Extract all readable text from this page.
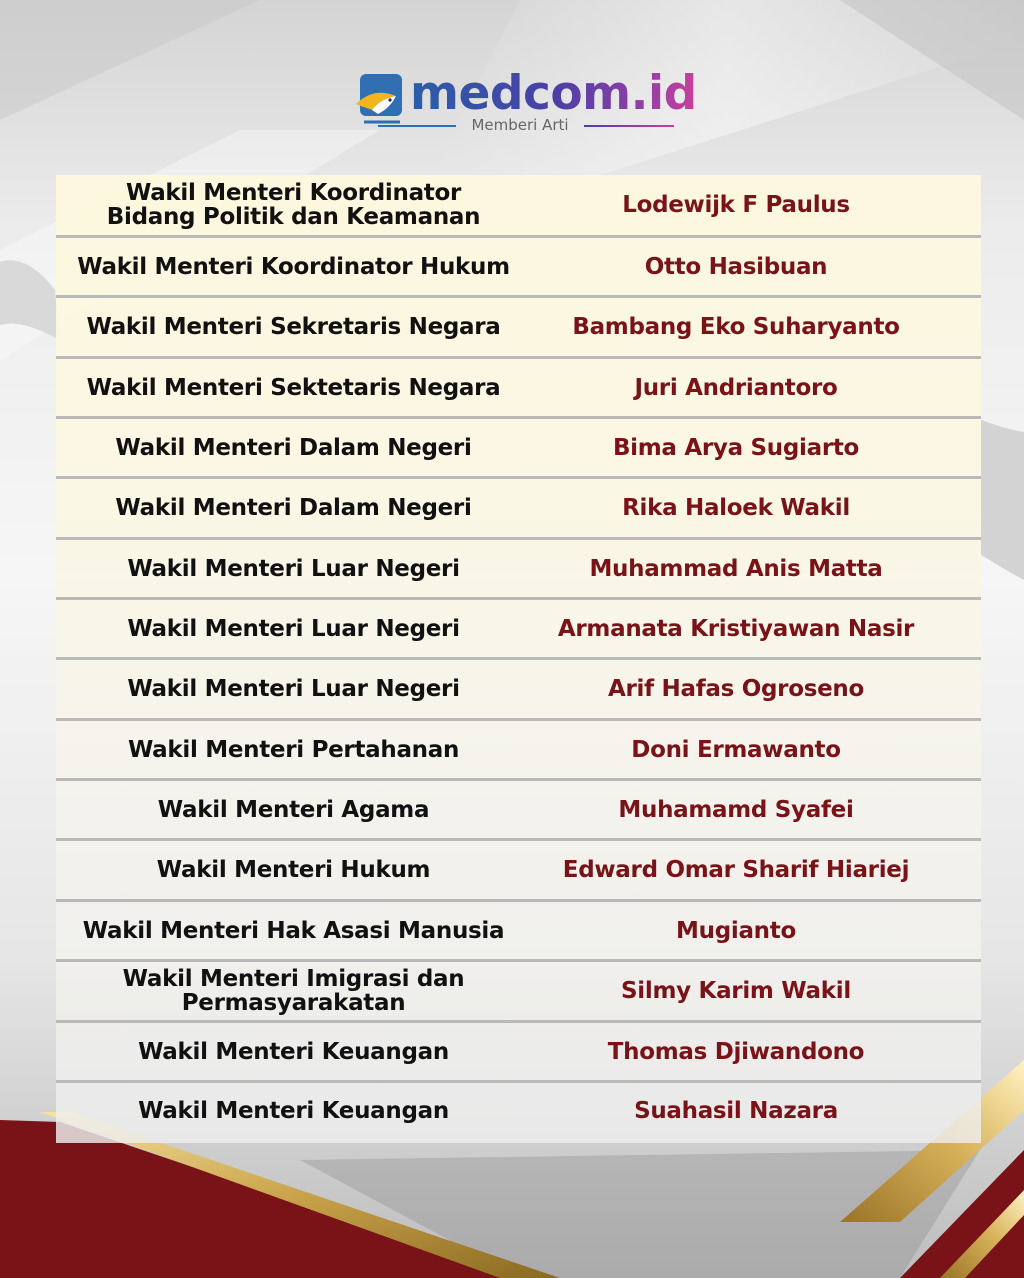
medcom.id
Memberi Arti
Wakil Menteri Koordinator
Bidang Politik dan Keamanan	Lodewijk F Paulus
Wakil Menteri Koordinator Hukum	Otto Hasibuan
Wakil Menteri Sekretaris Negara	Bambang Eko Suharyanto
Wakil Menteri Sektetaris Negara	Juri Andriantoro
Wakil Menteri Dalam Negeri	Bima Arya Sugiarto
Wakil Menteri Dalam Negeri	Rika Haloek Wakil
Wakil Menteri Luar Negeri	Muhammad Anis Matta
Wakil Menteri Luar Negeri	Armanata Kristiyawan Nasir
Wakil Menteri Luar Negeri	Arif Hafas Ogroseno
Wakil Menteri Pertahanan	Doni Ermawanto
Wakil Menteri Agama	Muhamamd Syafei
Wakil Menteri Hukum	Edward Omar Sharif Hiariej
Wakil Menteri Hak Asasi Manusia	Mugianto
Wakil Menteri Imigrasi dan
Permasyarakatan	Silmy Karim Wakil
Wakil Menteri Keuangan	Thomas Djiwandono
Wakil Menteri Keuangan	Suahasil Nazara
